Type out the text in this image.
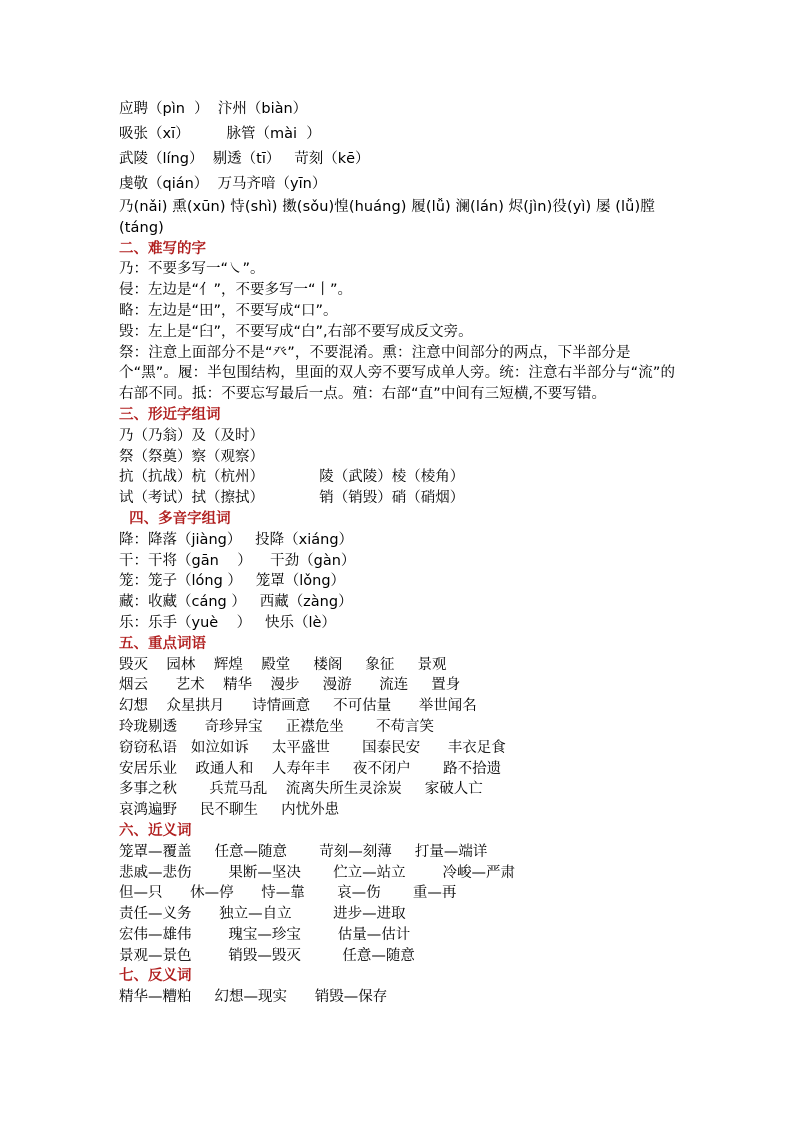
应聘（pìn  ）  汴州（biàn）
吸张（xī）        脉管（mài  ）
武陵（líng）  剔透（tī）   苛刻（kē）
虔敬（qián）  万马齐喑（yīn）
乃(nǎi) 熏(xūn) 恃(shì) 擞(sǒu)惶(huáng) 履(lǚ) 澜(lán) 烬(jìn)役(yì) 屡 (lǚ)膛 (táng)
二、难写的字
乃：不要多写一“㇏”。
侵：左边是“亻”，不要多写一“丨”。
略：左边是“田”，不要写成“口”。
毁：左上是“臼”，不要写成“白”,右部不要写成反文旁。
祭：注意上面部分不是“癶”，不要混淆。熏：注意中间部分的两点，下半部分是个“黑”。履：半包围结构，里面的双人旁不要写成单人旁。统：注意右半部分与“流”的右部不同。抵：不要忘写最后一点。殖：右部“直”中间有三短横,不要写错。
三、形近字组词
乃（乃翁）及（及时）
祭（祭奠）察（观察）
抗（抗战）杭（杭州）            陵（武陵）棱（棱角）
试（考试）拭（擦拭）            销（销毁）硝（硝烟）
四、多音字组词
降：降落（jiàng）   投降（xiáng）
干：干将（gān    ）    干劲（gàn）
笼：笼子（lóng ）   笼罩（lǒng）
藏：收藏（cáng ）   西藏（zàng）
乐：乐手（yuè    ）   快乐（lè）
五、重点词语
毁灭    园林    辉煌    殿堂     楼阁     象征     景观
烟云      艺术    精华    漫步     漫游      流连     置身
幻想    众星拱月      诗情画意     不可估量      举世闻名
玲珑剔透      奇珍异宝     正襟危坐       不苟言笑
窃窃私语   如泣如诉     太平盛世       国泰民安      丰衣足食
安居乐业    政通人和    人寿年丰     夜不闭户       路不拾遗
多事之秋       兵荒马乱    流离失所生灵涂炭     家破人亡
哀鸿遍野     民不聊生     内忧外患
六、近义词
笼罩—覆盖     任意—随意       苛刻—刻薄     打量—端详
悲戚—悲伤        果断—坚决       伫立—站立        冷峻—严肃
但—只      休—停      恃—靠       哀—伤       重—再
责任—义务      独立—自立         进步—进取
宏伟—雄伟        瑰宝—珍宝        估量—估计
景观—景色        销毁—毁灭         任意—随意
七、反义词
精华—糟粕     幻想—现实      销毁—保存
